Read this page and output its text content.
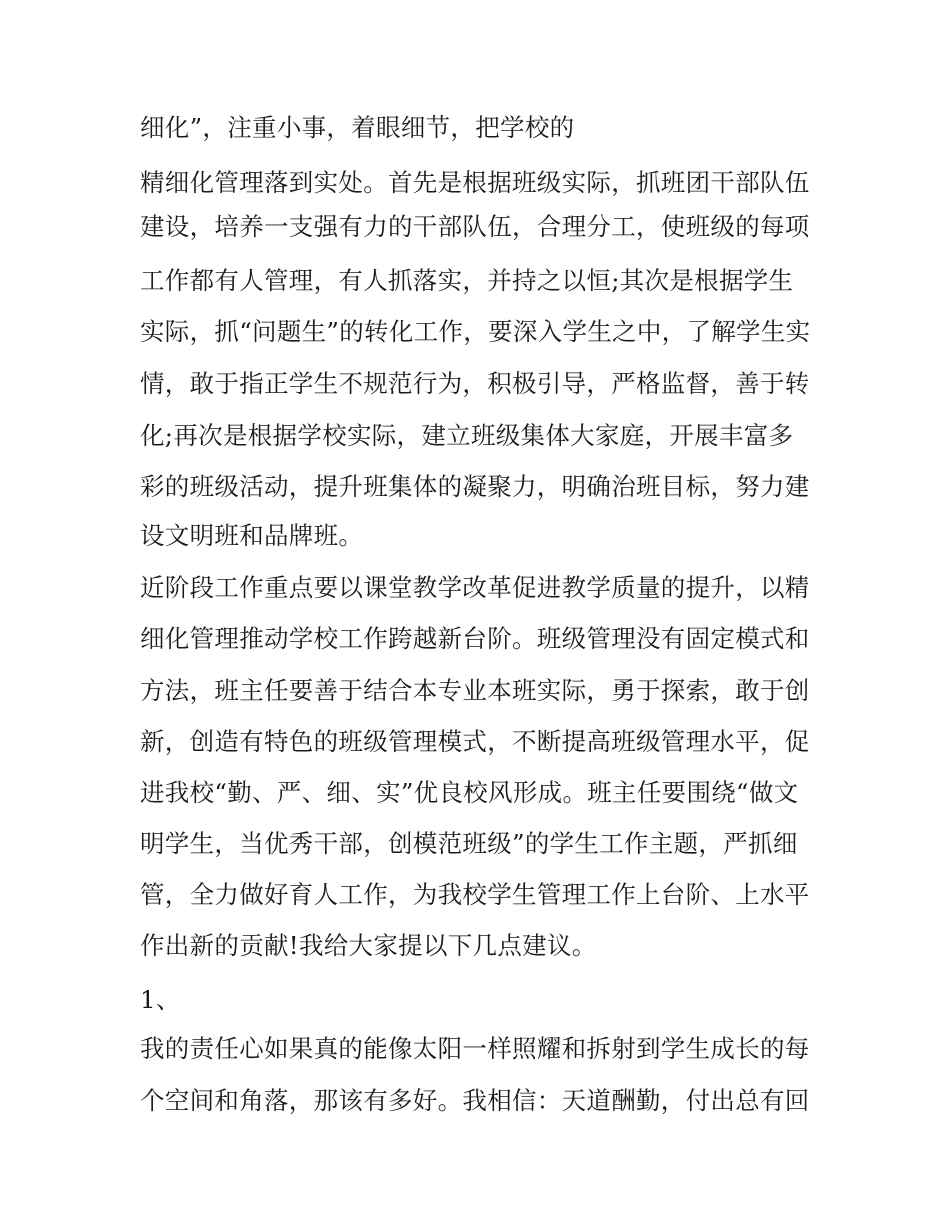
细化”，注重小事，着眼细节，把学校的

精细化管理落到实处。首先是根据班级实际，抓班团干部队伍

建设，培养一支强有力的干部队伍，合理分工，使班级的每项

工作都有人管理，有人抓落实，并持之以恒;其次是根据学生

实际，抓“问题生”的转化工作，要深入学生之中，了解学生实

情，敢于指正学生不规范行为，积极引导，严格监督，善于转

化;再次是根据学校实际，建立班级集体大家庭，开展丰富多

彩的班级活动，提升班集体的凝聚力，明确治班目标，努力建

设文明班和品牌班。

近阶段工作重点要以课堂教学改革促进教学质量的提升，以精

细化管理推动学校工作跨越新台阶。班级管理没有固定模式和

方法，班主任要善于结合本专业本班实际，勇于探索，敢于创

新，创造有特色的班级管理模式，不断提高班级管理水平，促

进我校“勤、严、细、实”优良校风形成。班主任要围绕“做文

明学生，当优秀干部，创模范班级”的学生工作主题，严抓细

管，全力做好育人工作，为我校学生管理工作上台阶、上水平

作出新的贡献!我给大家提以下几点建议。

1、

我的责任心如果真的能像太阳一样照耀和拆射到学生成长的每

个空间和角落，那该有多好。我相信：天道酬勤，付出总有回
